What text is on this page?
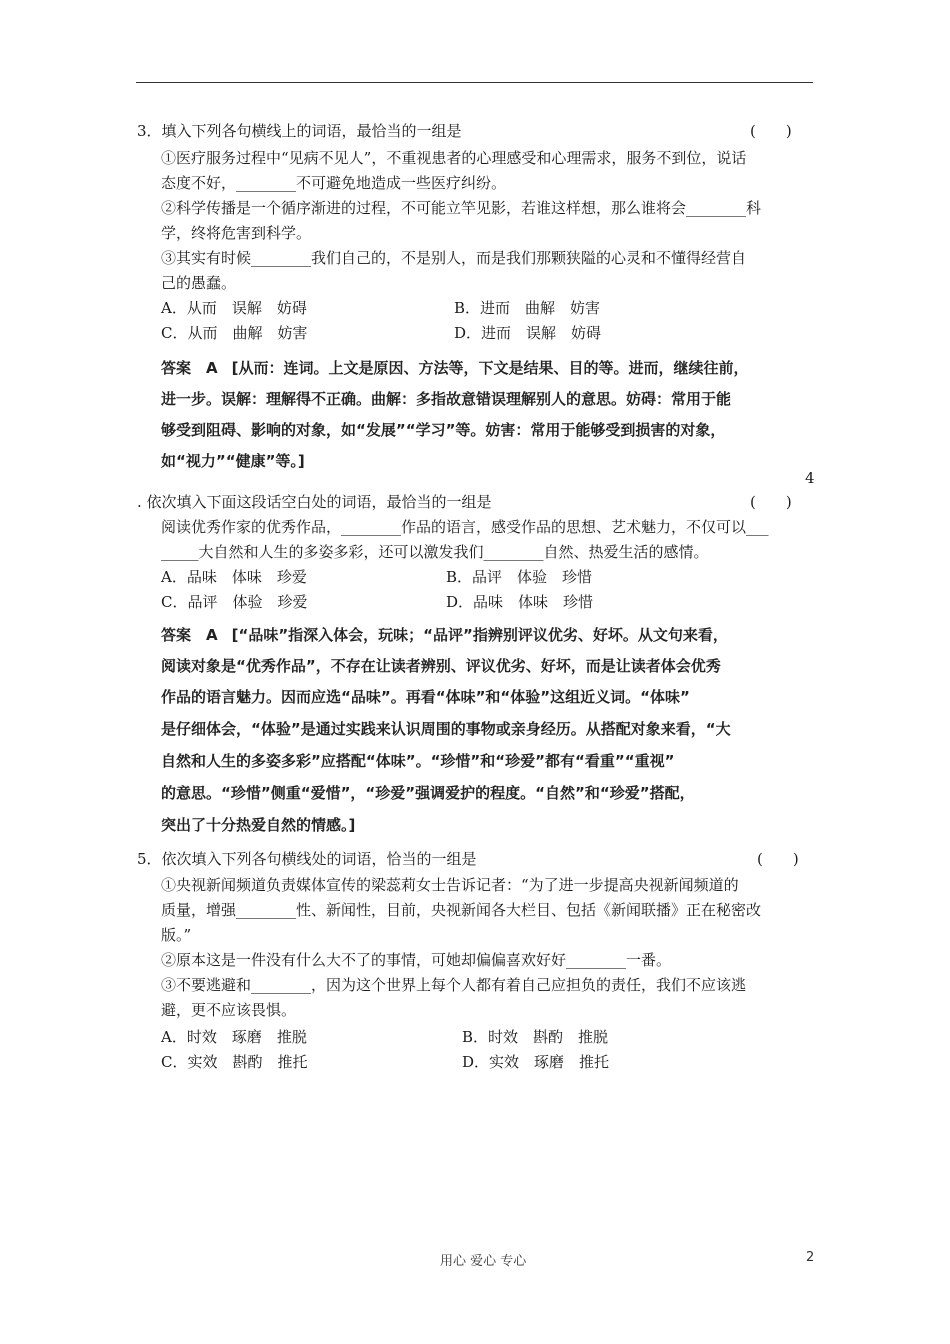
3．填入下列各句横线上的词语，最恰当的一组是	(　　)
①医疗服务过程中“见病不见人”，不重视患者的心理感受和心理需求，服务不到位，说话
态度不好，________不可避免地造成一些医疗纠纷。
②科学传播是一个循序渐进的过程，不可能立竿见影，若谁这样想，那么谁将会________科
学，终将危害到科学。
③其实有时候________我们自己的，不是别人，而是我们那颗狭隘的心灵和不懂得经营自
己的愚蠢。
A．从而　误解　妨碍	B．进而　曲解　妨害
C．从而　曲解　妨害	D．进而　误解　妨碍
答案　A [从而：连词。上文是原因、方法等，下文是结果、目的等。进而，继续往前，
进一步。误解：理解得不正确。曲解：多指故意错误理解别人的意思。妨碍：常用于能
够受到阻碍、影响的对象，如“发展”“学习”等。妨害：常用于能够受到损害的对象，
如“视力”“健康”等。]
4
. 依次填入下面这段话空白处的词语，最恰当的一组是	(　　)
阅读优秀作家的优秀作品，________作品的语言，感受作品的思想、艺术魅力，不仅可以___
_____大自然和人生的多姿多彩，还可以激发我们________自然、热爱生活的感情。
A．品味　体味　珍爱	B．品评　体验　珍惜
C．品评　体验　珍爱	D．品味　体味　珍惜
答案　A [“品味”指深入体会，玩味；“品评”指辨别评议优劣、好坏。从文句来看，
阅读对象是“优秀作品”，不存在让读者辨别、评议优劣、好坏，而是让读者体会优秀
作品的语言魅力。因而应选“品味”。再看“体味”和“体验”这组近义词。“体味”
是仔细体会，“体验”是通过实践来认识周围的事物或亲身经历。从搭配对象来看，“大
自然和人生的多姿多彩”应搭配“体味”。“珍惜”和“珍爱”都有“看重”“重视”
的意思。“珍惜”侧重“爱惜”，“珍爱”强调爱护的程度。“自然”和“珍爱”搭配，
突出了十分热爱自然的情感。]
5．依次填入下列各句横线处的词语，恰当的一组是	(　　)
①央视新闻频道负责媒体宣传的梁蕊莉女士告诉记者：“为了进一步提高央视新闻频道的
质量，增强________性、新闻性，目前，央视新闻各大栏目、包括《新闻联播》正在秘密改
版。”
②原本这是一件没有什么大不了的事情，可她却偏偏喜欢好好________一番。
③不要逃避和________，因为这个世界上每个人都有着自己应担负的责任，我们不应该逃
避，更不应该畏惧。
A．时效　琢磨　推脱	B．时效　斟酌　推脱
C．实效　斟酌　推托	D．实效　琢磨　推托
用心 爱心 专心	2
